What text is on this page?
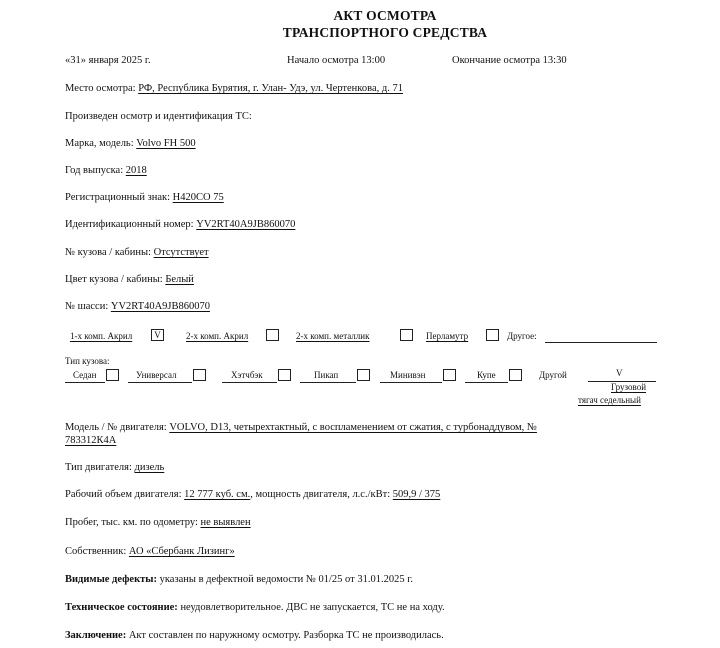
АКТ ОСМОТРА
ТРАНСПОРТНОГО СРЕДСТВА
«31» января 2025 г.	Начало осмотра 13:00	Окончание осмотра 13:30
Место осмотра: РФ, Республика Бурятия, г. Улан- Удэ, ул. Чертенкова, д. 71
Произведен осмотр и идентификация ТС:
Марка, модель: Volvo FH 500
Год выпуска: 2018
Регистрационный знак: Н420СО 75
Идентификационный номер: YV2RT40A9JB860070
№ кузова / кабины: Отсутствует
Цвет кузова / кабины: Белый
№ шасси: YV2RT40A9JB860070
1-х комп. Акрил	V	2-х комп. Акрил	2-х комп. металлик	Перламутр	Другое:
Тип кузова:
Седан	Универсал	Хэтчбэк	Пикап	Минивэн	Купе	Другой	V
Грузовой
тягач седельный
Модель / № двигателя: VOLVO, D13, четырехтактный, с воспламенением от сжатия, с турбонаддувом, №
783312К4А
Тип двигателя: дизель
Рабочий объем двигателя: 12 777 куб. см., мощность двигателя, л.с./кВт: 509,9 / 375
Пробег, тыс. км. по одометру: не выявлен
Собственник: АО «Сбербанк Лизинг»
Видимые дефекты: указаны в дефектной ведомости № 01/25 от 31.01.2025 г.
Техническое состояние: неудовлетворительное. ДВС не запускается, ТС не на ходу.
Заключение: Акт составлен по наружному осмотру. Разборка ТС не производилась.
